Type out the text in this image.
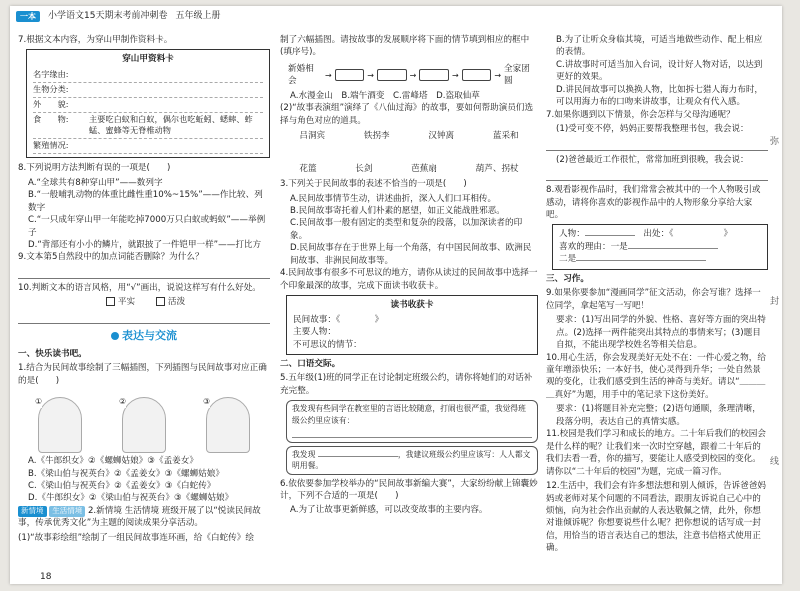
一本	小学语文15天期末考前冲刺卷 五年级上册
7.根据文本内容，为穿山甲制作资料卡。
穿山甲资料卡
名字缘由:
生物分类:
外　　貌:
食　　物:	主要吃白蚁和白蚁，偶尔也吃蚯蚓、蟋蟀、蚱蜢、蜜蜂等无脊椎动物
繁殖情况:
8.下列说明方法判断有误的一项是(　　)
A.“全球共有8种穿山甲”——数列字
B.“一般哺乳动物的体重比雌性重10%~15%”——作比较、列数字
C.“一只成年穿山甲一年能吃掉7000万只白蚁或蚂蚁”——举例子
D.“背部还有小小的鳞片，就跟披了一件铠甲一样”——打比方
9.文本第5自然段中的加点词能否删除？为什么？
10.判断文本的语言风格，用“√”画出，说说这样写有什么好处。
平实	活泼
表达与交流
一、快乐读书吧。
1.结合为民间故事绘制了三幅插图，下列插图与民间故事对应正确的是(　　)
①	②	③
A.《牛郎织女》②《螺蛳姑娘》③《孟姜女》
B.《梁山伯与祝英台》②《孟姜女》③《螺蛳姑娘》
C.《梁山伯与祝英台》②《孟姜女》③《白蛇传》
D.《牛郎织女》②《梁山伯与祝英台》③《螺蛳姑娘》
新情境 生活情境 2.新情境 生活情境 班级开展了以“悦读民间故事，传承优秀文化”为主题的阅读成果分享活动。
(1)“故事彩绘组”绘制了一组民间故事连环画，给《白蛇传》绘
制了六幅插图。请按故事的发展顺序将下面的情节填到相应的框中(填序号)。
新婚相会
→	→	→	→	→
全家团圆
A.水漫金山　B.端午酒变　C.雷峰塔　D.盗取仙草
(2)“故事表演组”演绎了《八仙过海》的故事，要如何帮助演员们选择与角色对应的道具。
吕洞宾	铁拐李	汉钟离	蓝采和
花篮	长剑	芭蕉扇	葫芦、拐杖
3.下列关于民间故事的表述不恰当的一项是(　　)
A.民间故事情节生动，讲述曲折，深入人们口耳相传。
B.民间故事寄托着人们朴素的愿望，如正义能战胜邪恶。
C.民间故事一般有固定的类型和复杂的段落，以加深读者的印象。
D.民间故事存在于世界上每一个角落，有中国民间故事、欧洲民间故事、非洲民间故事等。
4.民间故事有很多不可思议的地方，请你从读过的民间故事中选择一个印象最深的故事，完成下面读书收获卡。
读书收获卡
民间故事：《　　　　》
主要人物：
不可思议的情节：
二、口语交际。
5.五年级(1)班的同学正在讨论制定班级公约，请你将她们的对话补充完整。
我发现有些同学在教室里的言语比较随意，打闹也很严重，我觉得班级公约里应该有：
我发现	，我建议班级公约里应该写：人人都文明用餐。
6.依依要参加学校举办的“民间故事新编大赛”，大家纷纷献上锦囊妙计，下列不合适的一项是(　　)
A.为了让故事更新鲜感，可以改变故事的主要内容。
B.为了让听众身临其境，可适当地做些动作、配上相应的表情。
C.讲故事时可适当加入台词，设计好人物对话，以达到更好的效果。
D.讲民间故事可以换换人物，比如拆七猎人海力布时，可以用海力布的口吻来讲故事，让观众有代入感。
7.如果你遇到以下情景，你会怎样与父母沟通呢？
(1)受可变不停，妈妈正要帮我整理书包，我会说：
(2)爸爸最近工作很忙，常常加班到很晚，我会说：
8.观看影视作品时，我们常常会被其中的一个人物吸引或感动，请将你喜欢的影视作品中的人物形象分享给大家吧。
人物：　	出处：《	》
喜欢的理由：一是
二是
三、习作。
9.如果你要参加“漫画同学”征文活动，你会写谁？选择一位同学，拿起笔写一写吧！
要求：(1)写出同学的外貌、性格、喜好等方面的突出特点。(2)选择一两件能突出其特点的事情来写；(3)题目自拟，不能出现学校姓名等相关信息。
10.用心生活，你会发现美好无处不在：一件心爱之物，给童年增添快乐；一本好书，使心灵得到升华；一处自然景观的变化，让我们感受到生活的神奇与美好。请以“＿＿＿＿真好”为题，用手中的笔记录下这份美好。
要求：(1)将题目补充完整；(2)语句通顺，条理清晰，段落分明，表达自己的真情实感。
11.校园是我们学习和成长的地方。二十年后我们的校园会是什么样的呢？让我们来一次时空穿越，跟着二十年后的我们去看一看，你的描写，要能让人感受到校园的变化。请你以“二十年后的校园”为题，完成一篇习作。
12.生活中，我们会有许多想法想和别人倾诉，告诉爸爸妈妈或老师对某个问题的不同看法，跟朋友诉说自己心中的烦恼，向为社会作出贡献的人表达敬佩之情，此外，你想对谁倾诉呢？你想要说些什么呢？把你想说的话写成一封信，用恰当的语言表达自己的想法，注意书信格式使用正确。
弥
封
线
18
